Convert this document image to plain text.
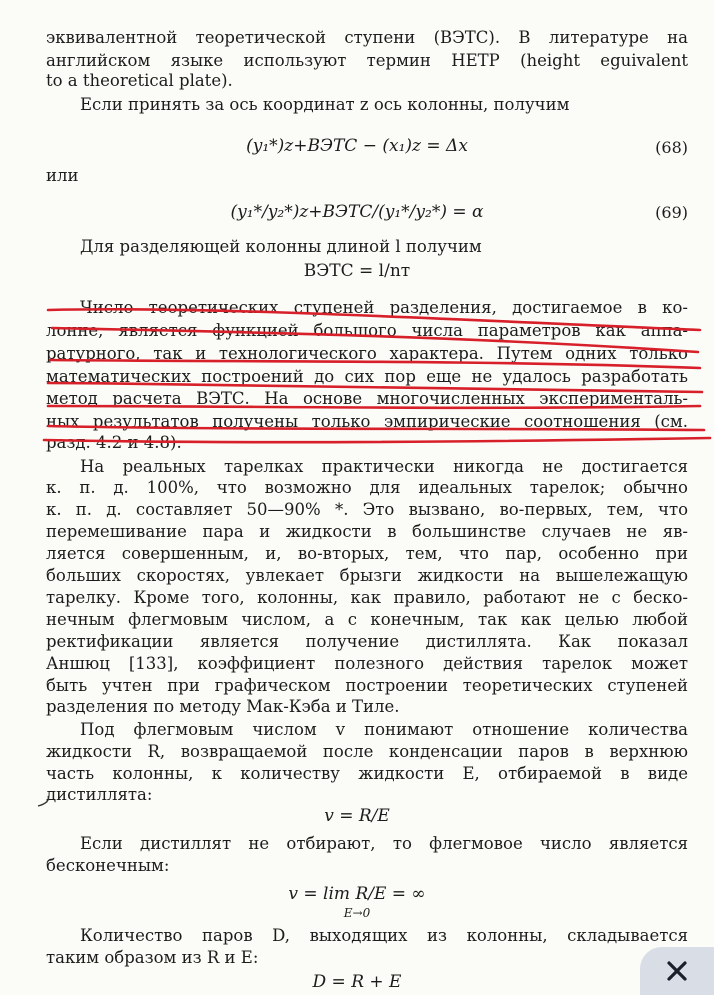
эквивалентной теоретической ступени (ВЭТС). В литературе на
английском языке используют термин HETP (height eguivalent
to a theoretical plate).
Если принять за ось координат z ось колонны, получим
(y₁*)z+ВЭТС − (x₁)z = Δx	(68)
или
(y₁*/y₂*)z+ВЭТС/(y₁*/y₂*) = α	(69)
Для разделяющей колонны длиной l получим
ВЭТС = l/nт
Число теоретических ступеней разделения, достигаемое в ко-
лонне, является функцией большого числа параметров как аппа-
ратурного, так и технологического характера. Путем одних только
математических построений до сих пор еще не удалось разработать
метод расчета ВЭТС. На основе многочисленных эксперименталь-
ных результатов получены только эмпирические соотношения (см.
разд. 4.2 и 4.8).
На реальных тарелках практически никогда не достигается
к. п. д. 100%, что возможно для идеальных тарелок; обычно
к. п. д. составляет 50—90% *. Это вызвано, во-первых, тем, что
перемешивание пара и жидкости в большинстве случаев не яв-
ляется совершенным, и, во-вторых, тем, что пар, особенно при
больших скоростях, увлекает брызги жидкости на вышележащую
тарелку. Кроме того, колонны, как правило, работают не с беско-
нечным флегмовым числом, а с конечным, так как целью любой
ректификации является получение дистиллята. Как показал
Аншюц [133], коэффициент полезного действия тарелок может
быть учтен при графическом построении теоретических ступеней
разделения по методу Мак-Кэба и Тиле.
Под флегмовым числом v понимают отношение количества
жидкости R, возвращаемой после конденсации паров в верхнюю
часть колонны, к количеству жидкости E, отбираемой в виде
дистиллята:
v = R/E
Если дистиллят не отбирают, то флегмовое число является
бесконечным:
v = lim R/E = ∞
E→0
Количество паров D, выходящих из колонны, складывается
таким образом из R и E:
D = R + E
